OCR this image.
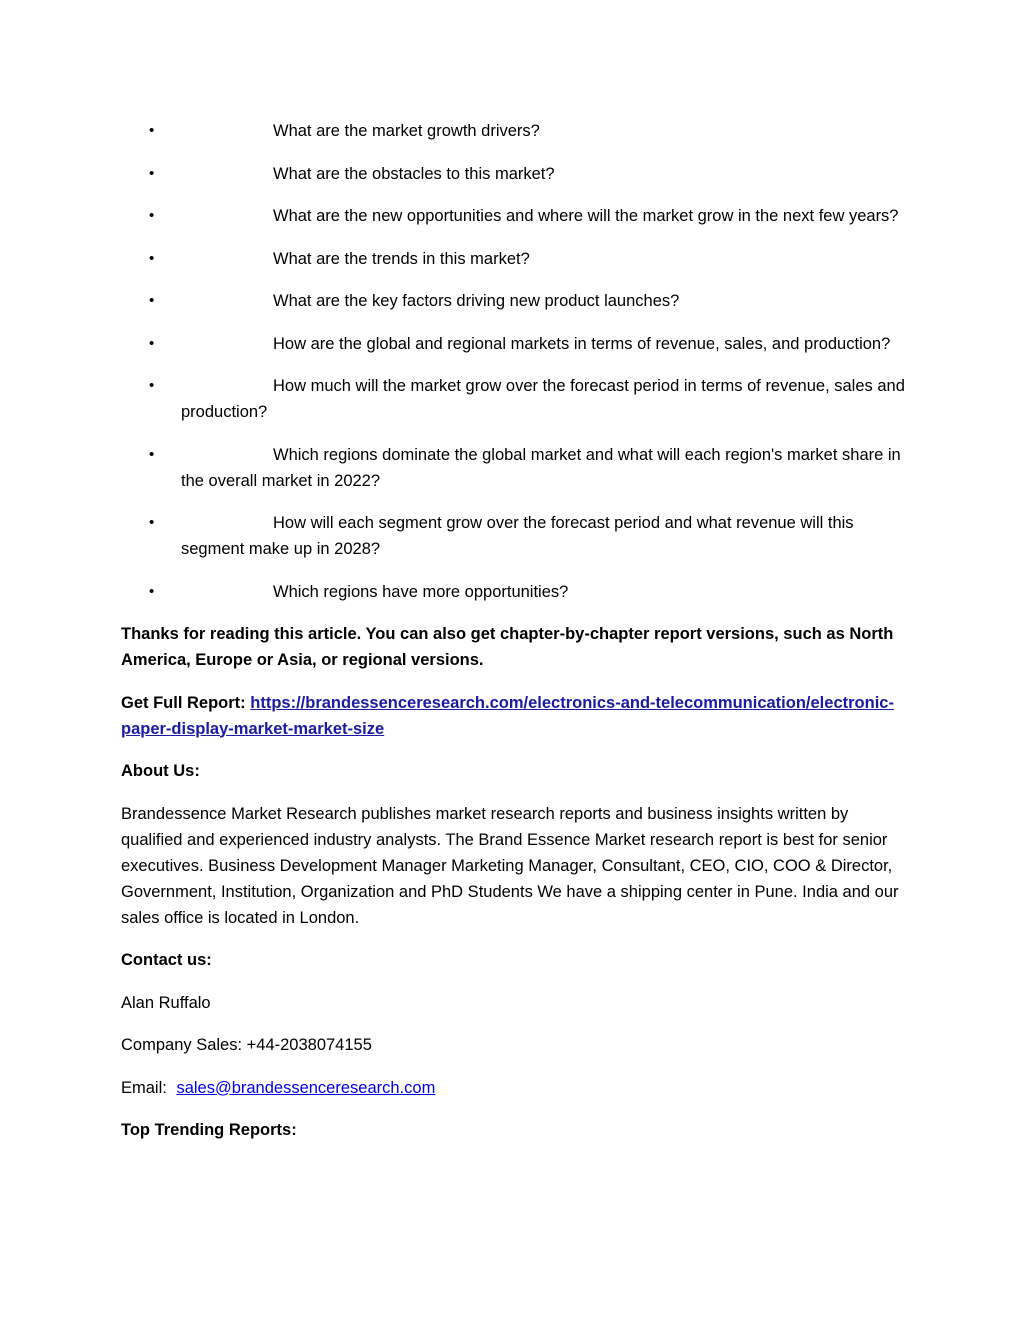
•	What are the market growth drivers?
•	What are the obstacles to this market?
•	What are the new opportunities and where will the market grow in the next few years?
•	What are the trends in this market?
•	What are the key factors driving new product launches?
•	How are the global and regional markets in terms of revenue, sales, and production?
•	How much will the market grow over the forecast period in terms of revenue, sales and production?
•	Which regions dominate the global market and what will each region's market share in the overall market in 2022?
•	How will each segment grow over the forecast period and what revenue will this segment make up in 2028?
•	Which regions have more opportunities?

Thanks for reading this article. You can also get chapter-by-chapter report versions, such as North America, Europe or Asia, or regional versions.

Get Full Report: https://brandessenceresearch.com/electronics-and-telecommunication/electronic-paper-display-market-market-size

About Us:

Brandessence Market Research publishes market research reports and business insights written by qualified and experienced industry analysts. The Brand Essence Market research report is best for senior executives. Business Development Manager Marketing Manager, Consultant, CEO, CIO, COO & Director, Government, Institution, Organization and PhD Students We have a shipping center in Pune. India and our sales office is located in London.

Contact us:

Alan Ruffalo

Company Sales: +44-2038074155

Email: sales@brandessenceresearch.com

Top Trending Reports:
